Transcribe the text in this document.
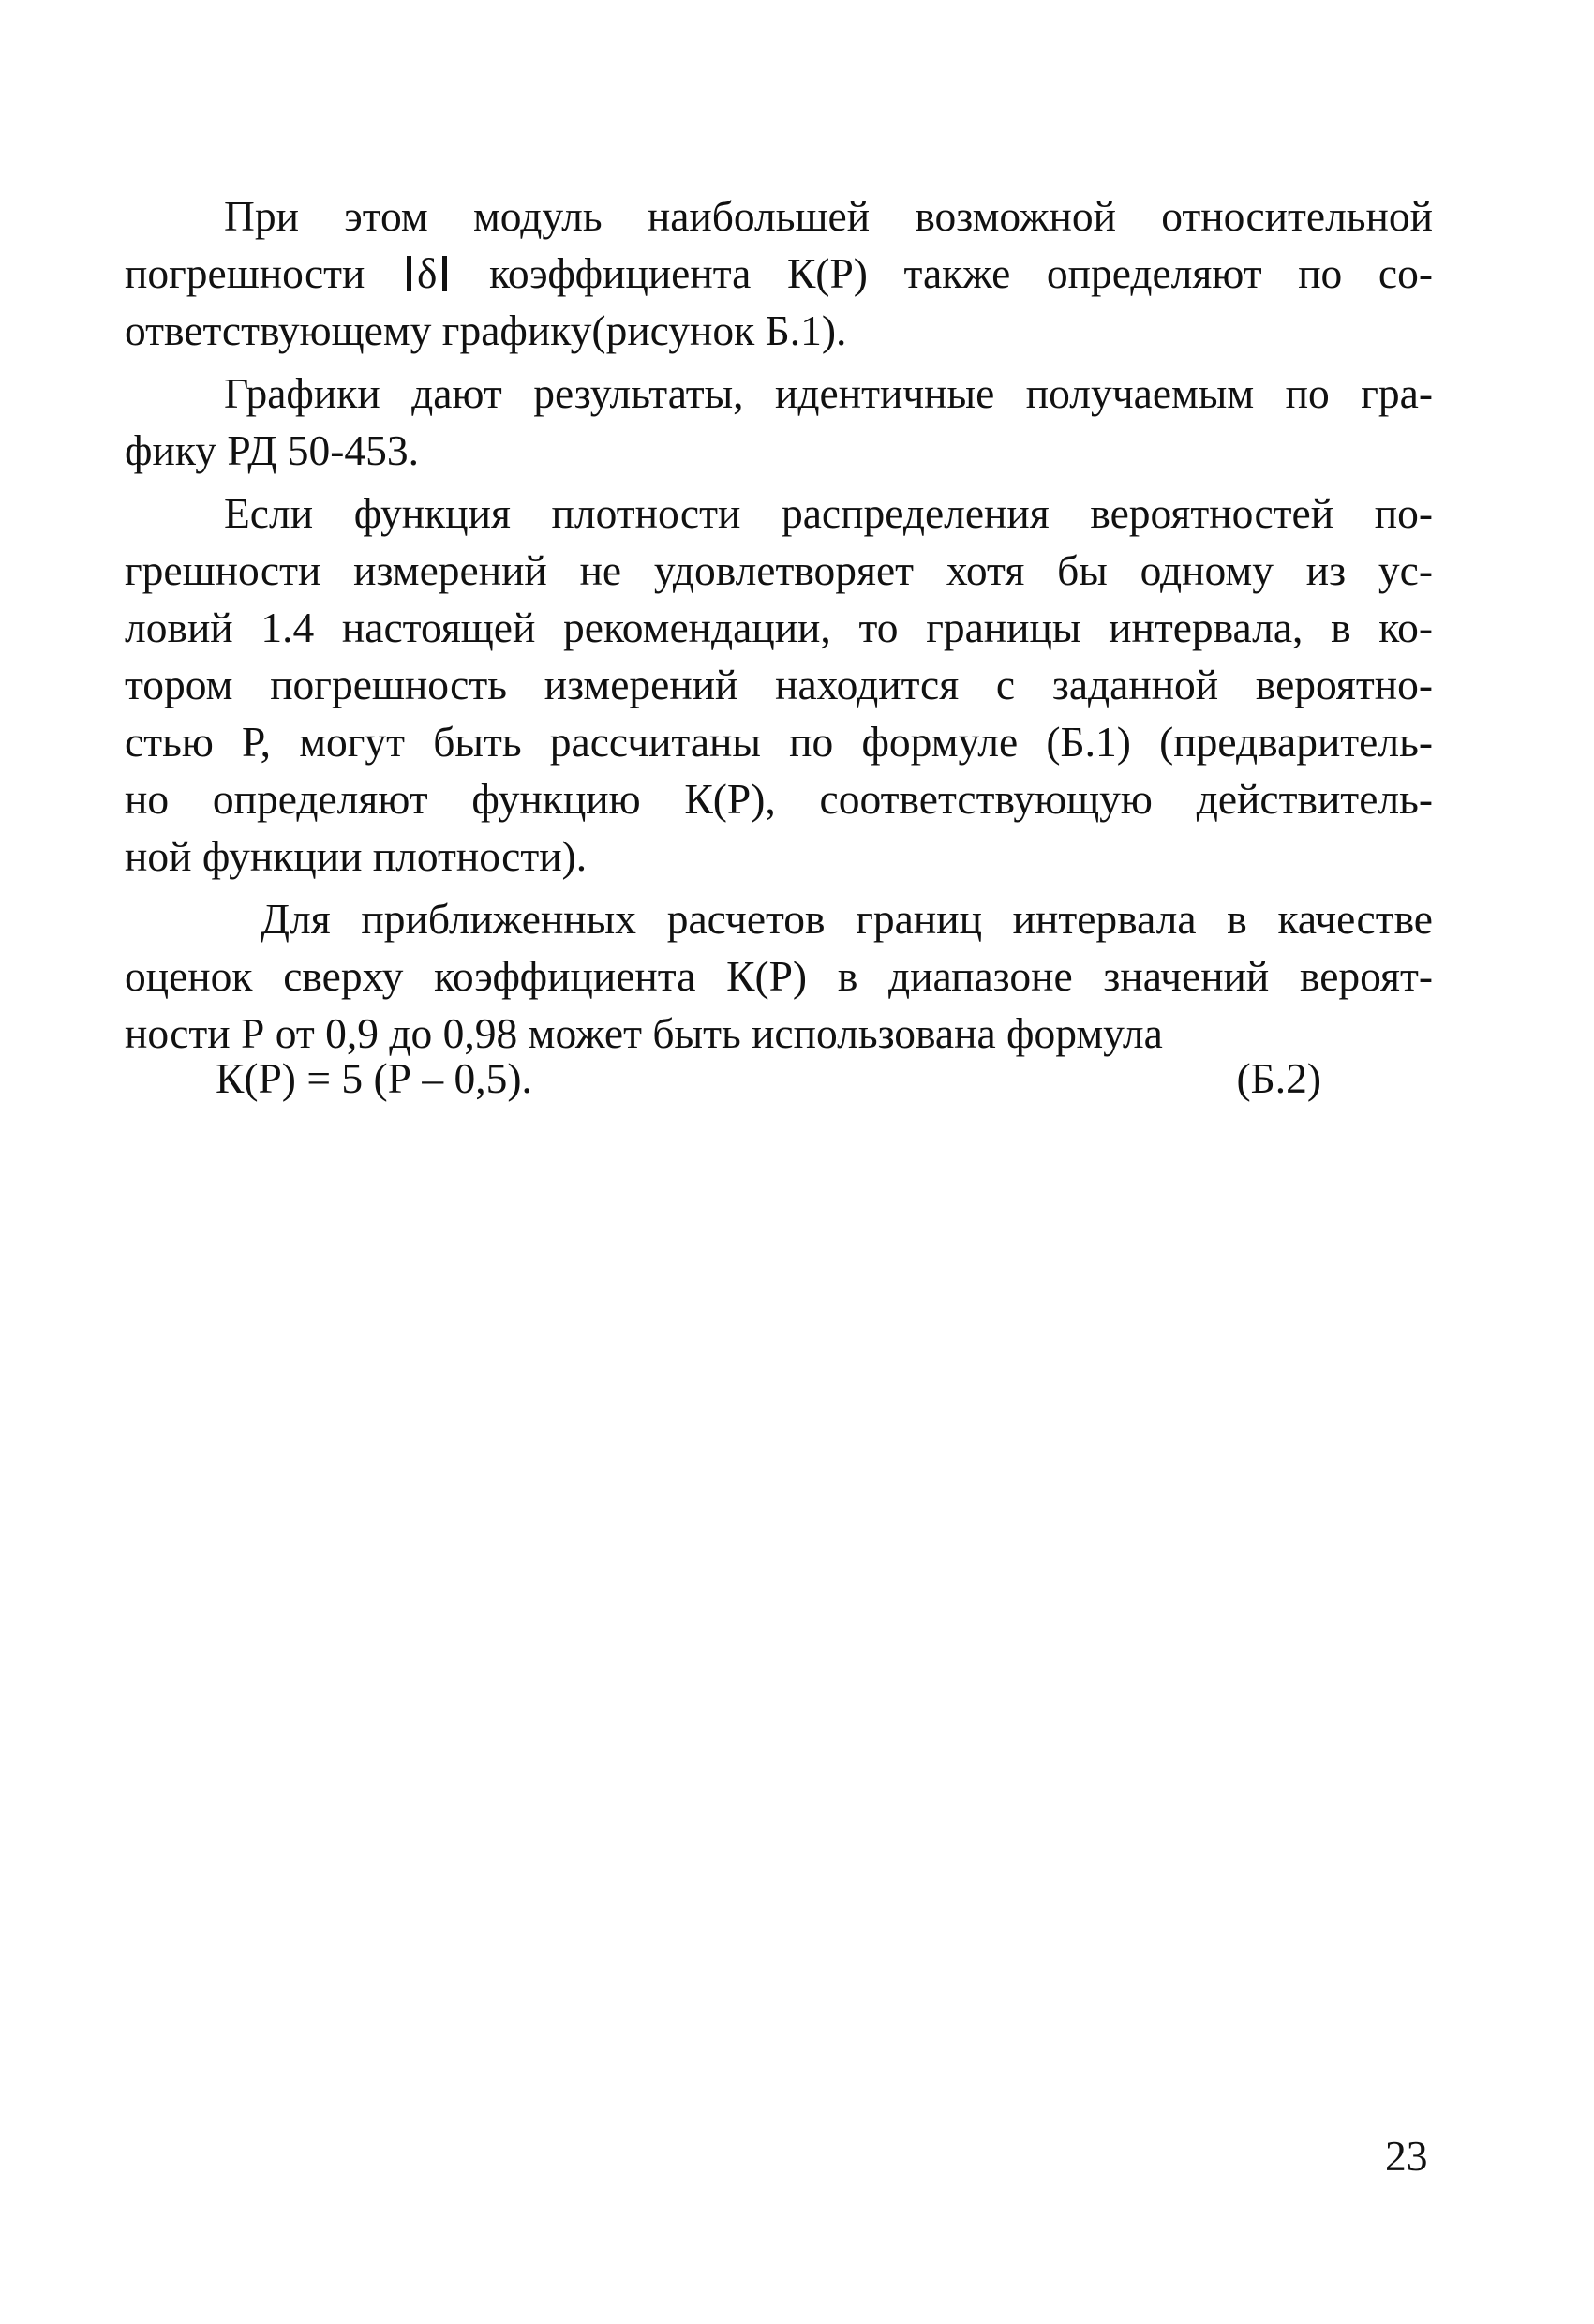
При этом модуль наибольшей возможной относительной
погрешности δ коэффициента К(Р) также определяют по со-
ответствующему графику(рисунок Б.1).
Графики дают результаты, идентичные получаемым по гра-
фику РД 50-453.
Если функция плотности распределения вероятностей по-
грешности измерений не удовлетворяет хотя бы одному из ус-
ловий 1.4 настоящей рекомендации, то границы интервала, в ко-
тором погрешность измерений находится с заданной вероятно-
стью Р, могут быть рассчитаны по формуле (Б.1) (предваритель-
но определяют функцию К(Р), соответствующую действитель-
ной функции плотности).
Для приближенных расчетов границ интервала в качестве
оценок сверху коэффициента К(Р) в диапазоне значений вероят-
ности Р от 0,9 до 0,98 может быть использована формула
К(Р) = 5 (Р – 0,5).	(Б.2)
23
